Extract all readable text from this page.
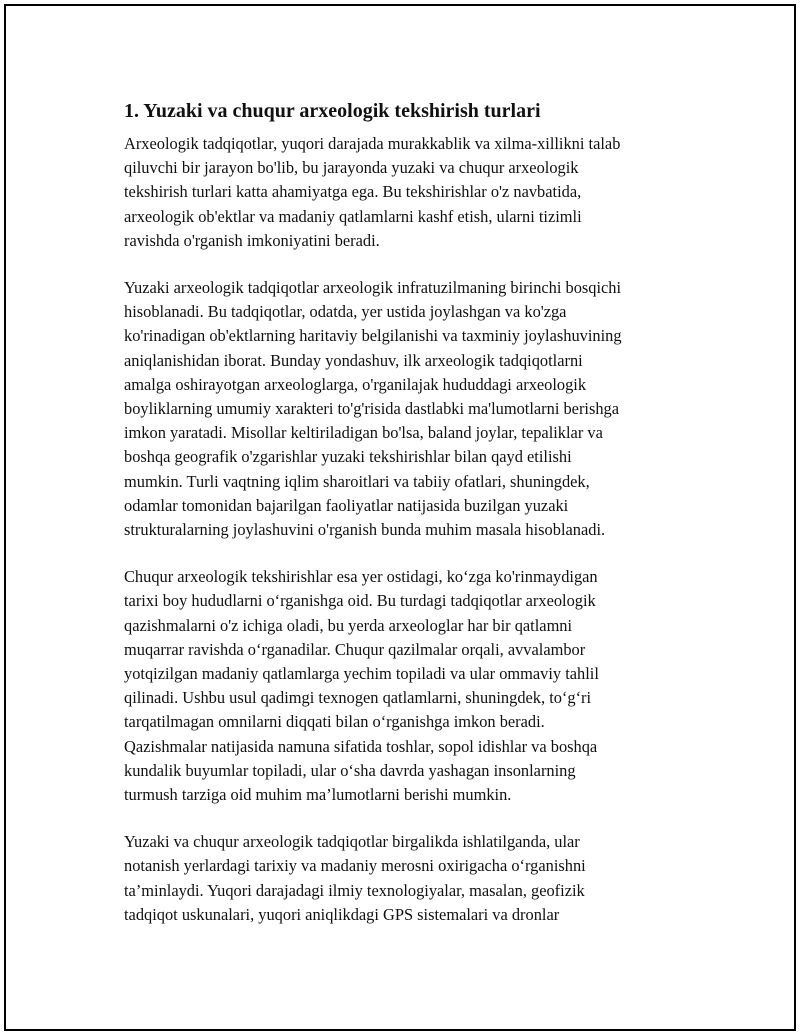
1. Yuzaki va chuqur arxeologik tekshirish turlari

Arxeologik tadqiqotlar, yuqori darajada murakkablik va xilma-xillikni talab
qiluvchi bir jarayon bo'lib, bu jarayonda yuzaki va chuqur arxeologik
tekshirish turlari katta ahamiyatga ega. Bu tekshirishlar o'z navbatida,
arxeologik ob'ektlar va madaniy qatlamlarni kashf etish, ularni tizimli
ravishda o'rganish imkoniyatini beradi.

Yuzaki arxeologik tadqiqotlar arxeologik infratuzilmaning birinchi bosqichi
hisoblanadi. Bu tadqiqotlar, odatda, yer ustida joylashgan va ko'zga
ko'rinadigan ob'ektlarning haritaviy belgilanishi va taxminiy joylashuvining
aniqlanishidan iborat. Bunday yondashuv, ilk arxeologik tadqiqotlarni
amalga oshirayotgan arxeologlarga, o'rganilajak hududdagi arxeologik
boyliklarning umumiy xarakteri to'g'risida dastlabki ma'lumotlarni berishga
imkon yaratadi. Misollar keltiriladigan bo'lsa, baland joylar, tepaliklar va
boshqa geografik o'zgarishlar yuzaki tekshirishlar bilan qayd etilishi
mumkin. Turli vaqtning iqlim sharoitlari va tabiiy ofatlari, shuningdek,
odamlar tomonidan bajarilgan faoliyatlar natijasida buzilgan yuzaki
strukturalarning joylashuvini o'rganish bunda muhim masala hisoblanadi.

Chuqur arxeologik tekshirishlar esa yer ostidagi, ko‘zga ko'rinmaydigan
tarixi boy hududlarni o‘rganishga oid. Bu turdagi tadqiqotlar arxeologik
qazishmalarni o'z ichiga oladi, bu yerda arxeologlar har bir qatlamni
muqarrar ravishda o‘rganadilar. Chuqur qazilmalar orqali, avvalambor
yotqizilgan madaniy qatlamlarga yechim topiladi va ular ommaviy tahlil
qilinadi. Ushbu usul qadimgi texnogen qatlamlarni, shuningdek, to‘g‘ri
tarqatilmagan omnilarni diqqati bilan o‘rganishga imkon beradi.
Qazishmalar natijasida namuna sifatida toshlar, sopol idishlar va boshqa
kundalik buyumlar topiladi, ular o‘sha davrda yashagan insonlarning
turmush tarziga oid muhim ma’lumotlarni berishi mumkin.

Yuzaki va chuqur arxeologik tadqiqotlar birgalikda ishlatilganda, ular
notanish yerlardagi tarixiy va madaniy merosni oxirigacha o‘rganishni
ta’minlaydi. Yuqori darajadagi ilmiy texnologiyalar, masalan, geofizik
tadqiqot uskunalari, yuqori aniqlikdagi GPS sistemalari va dronlar
